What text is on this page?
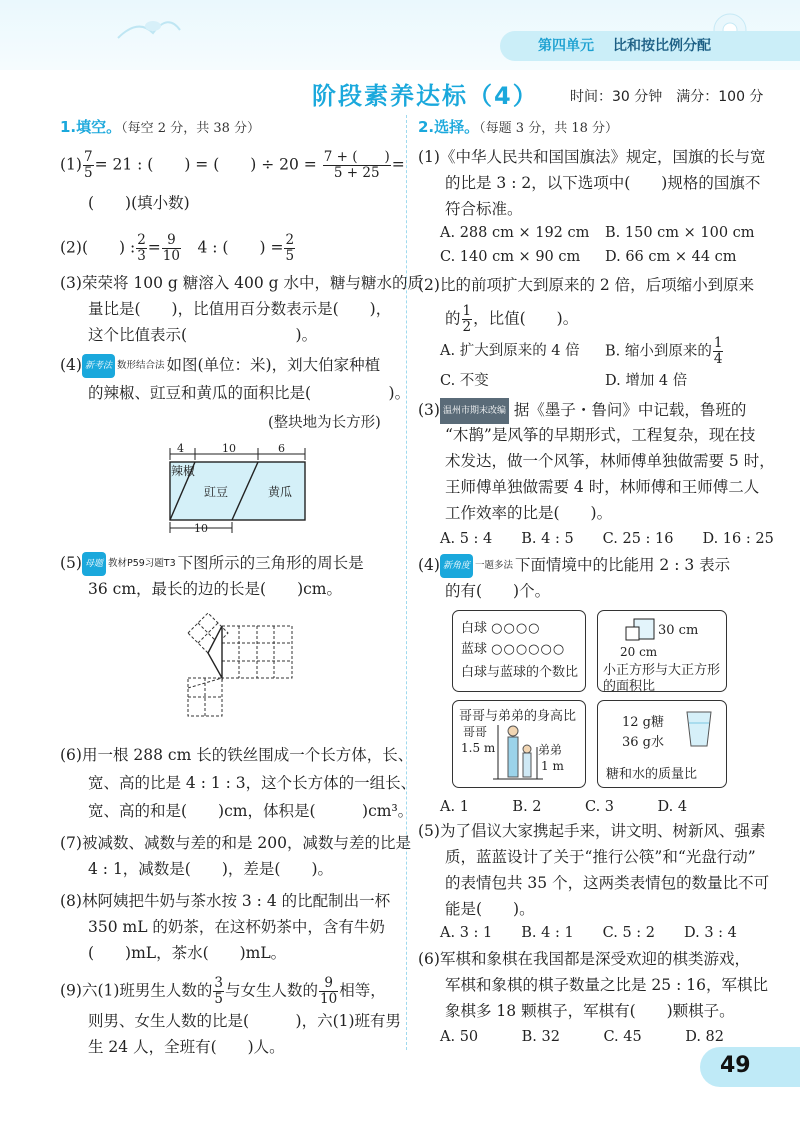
第四单元 比和按比例分配
阶段素养达标（4） 时间：30 分钟　满分：100 分
1.填空。（每空 2 分，共 38 分）
$(1) \frac{7}{5} = 21$ : (　　) = (　　) ÷ $20 = \frac{7 + ( )}{5 + 25}$ =
(　　)(填小数)
(2)(　　) : $\frac{2}{3} = \frac{9}{10}$ 　4 : (　　) = $\frac{2}{5}$
(3)荣荣将 100 g 糖溶入 400 g 水中，糖与糖水的质
量比是(　　)，比值用百分数表示是(　　)，
这个比值表示(　　　　　　　)。
(4) 新考法 数形结合法 如图(单位：米)，刘大伯家种植
的辣椒、豇豆和黄瓜的面积比是(　　　　　)。
(整块地为长方形)
4	10	6
10
辣椒
豇豆	黄瓜
(5) 母题 教材P59习题T3 下图所示的三角形的周长是
36 cm，最长的边的长是(　　)cm。
(6)用一根 288 cm 长的铁丝围成一个长方体，长、
宽、高的比是 4 : 1 : 3，这个长方体的一组长、
宽、高的和是(　　)cm，体积是(　　　)cm³。
(7)被减数、减数与差的和是 200，减数与差的比是
4 : 1，减数是(　　)，差是(　　)。
(8)林阿姨把牛奶与茶水按 3 : 4 的比配制出一杯
350 mL 的奶茶，在这杯奶茶中，含有牛奶
(　　)mL，茶水(　　)mL。
(9)六(1)班男生人数的 $\frac{3}{5}$ 与女生人数的 $\frac{9}{10}$ 相等，
则男、女生人数的比是(　　　)，六(1)班有男
生 24 人，全班有(　　)人。
2.选择。（每题 3 分，共 18 分）
(1)《中华人民共和国国旗法》规定，国旗的长与宽
的比是 3 : 2，以下选项中(　　)规格的国旗不
符合标准。
A. 288 cm × 192 cm B. 150 cm × 100 cm
C. 140 cm × 90 cm D. 66 cm × 44 cm
(2)比的前项扩大到原来的 2 倍，后项缩小到原来
的 $\frac{1}{2}$ ，比值(　　)。
A. 扩大到原来的 4 倍 B. 缩小到原来的 $\frac{1}{4}$
C. 不变	D. 增加 4 倍
(3) 温州市期末改编 据《墨子・鲁问》中记载，鲁班的
“木鹊”是风筝的早期形式，工程复杂，现在技
术发达，做一个风筝，林师傅单独做需要 5 时，
王师傅单独做需要 4 时，林师傅和王师傅二人
工作效率的比是(　　)。
A. 5 : 4　　B. 4 : 5　　C. 25 : 16　　D. 16 : 25
(4) 新角度 一题多法 下面情境中的比能用 2 : 3 表示
的有(　　)个。
白球 ○○○○
蓝球 ○○○○○○
白球与蓝球的个数比
30 cm
20 cm
小正方形与大正方形
的面积比
哥哥与弟弟的身高比
哥哥
1.5 m	弟弟
1 m
12 g糖
36 g水
糖和水的质量比
A. 1　　　B. 2　　　C. 3　　　D. 4
(5)为了倡议大家携起手来，讲文明、树新风、强素
质，蓝蓝设计了关于“推行公筷”和“光盘行动”
的表情包共 35 个，这两类表情包的数量比不可
能是(　　)。
A. 3 : 1　　B. 4 : 1　　C. 5 : 2　　D. 3 : 4
(6)军棋和象棋在我国都是深受欢迎的棋类游戏，
军棋和象棋的棋子数量之比是 25 : 16，军棋比
象棋多 18 颗棋子，军棋有(　　)颗棋子。
A. 50　　　B. 32　　　C. 45　　　D. 82
49
